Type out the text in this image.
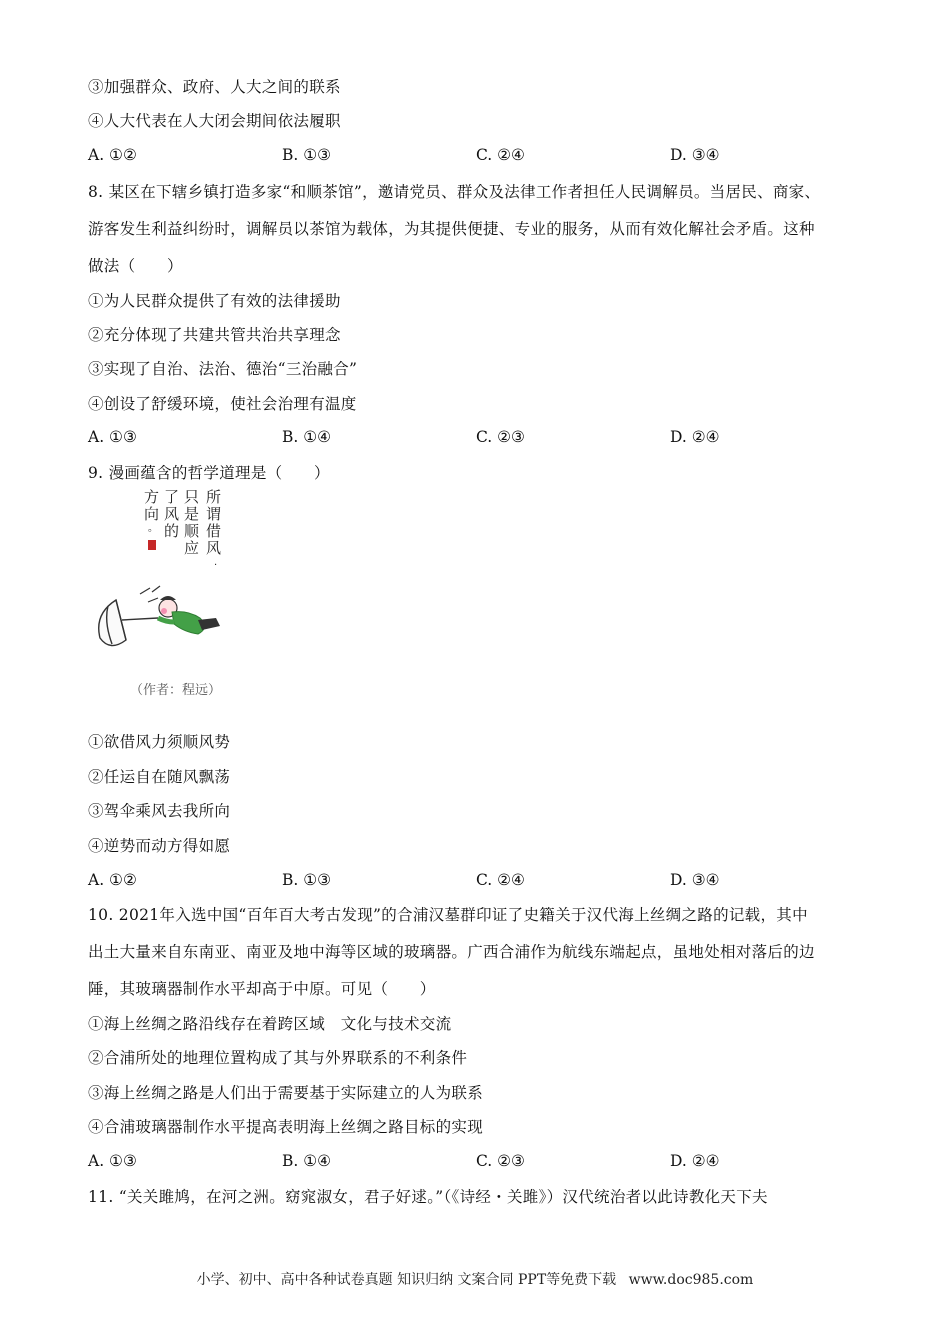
③加强群众、政府、人大之间的联系
④人大代表在人大闭会期间依法履职
A. ①②	B. ①③	C. ②④	D. ③④
8. 某区在下辖乡镇打造多家“和顺茶馆”，邀请党员、群众及法律工作者担任人民调解员。当居民、商家、
游客发生利益纠纷时，调解员以茶馆为载体，为其提供便捷、专业的服务，从而有效化解社会矛盾。这种
做法（　　）
①为人民群众提供了有效的法律援助
②充分体现了共建共管共治共享理念
③实现了自治、法治、德治“三治融合”
④创设了舒缓环境，使社会治理有温度
A. ①③	B. ①④	C. ②③	D. ②④
9. 漫画蕴含的哲学道理是（　　）
所
谓
借
风
只
是
顺
应
了
风
的
方
向
·
。
（作者：程远）
①欲借风力须顺风势
②任运自在随风飘荡
③驾伞乘风去我所向
④逆势而动方得如愿
A. ①②	B. ①③	C. ②④	D. ③④
10. 2021年入选中国“百年百大考古发现”的合浦汉墓群印证了史籍关于汉代海上丝绸之路的记载，其中
出土大量来自东南亚、南亚及地中海等区域的玻璃器。广西合浦作为航线东端起点，虽地处相对落后的边
陲，其玻璃器制作水平却高于中原。可见（　　）
①海上丝绸之路沿线存在着跨区域　文化与技术交流
②合浦所处的地理位置构成了其与外界联系的不利条件
③海上丝绸之路是人们出于需要基于实际建立的人为联系
④合浦玻璃器制作水平提高表明海上丝绸之路目标的实现
A. ①③	B. ①④	C. ②③	D. ②④
11. “关关雎鸠，在河之洲。窈窕淑女，君子好逑。”（《诗经・关雎》）汉代统治者以此诗教化天下夫
小学、初中、高中各种试卷真题 知识归纳 文案合同 PPT等免费下载 www.doc985.com
